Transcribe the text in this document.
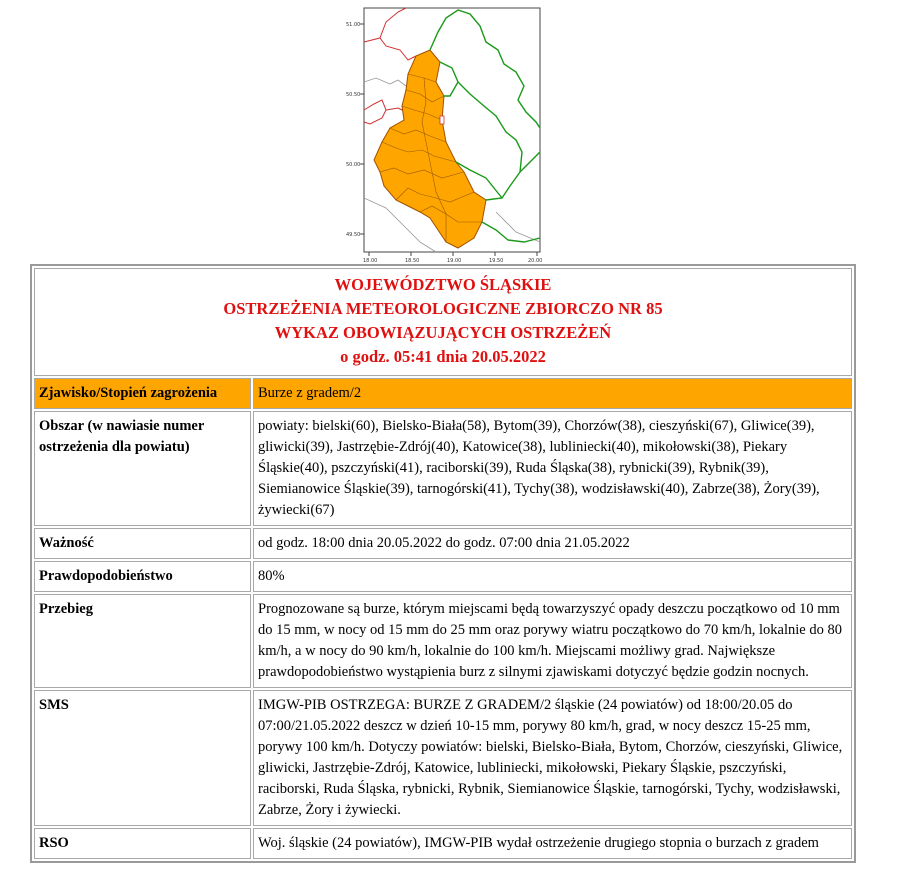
51.00
50.50
50.00
49.50
18.00	18.50	19.00	19.50	20.00
WOJEWÓDZTWO ŚLĄSKIE
OSTRZEŻENIA METEOROLOGICZNE ZBIORCZO NR 85
WYKAZ OBOWIĄZUJĄCYCH OSTRZEŻEŃ
o godz. 05:41 dnia 20.05.2022	

Zjawisko/Stopień zagrożenia	Burze z gradem/2
Obszar (w nawiasie numer ostrzeżenia dla powiatu)	powiaty: bielski(60), Bielsko-Biała(58), Bytom(39), Chorzów(38), cieszyński(67), Gliwice(39), gliwicki(39), Jastrzębie-Zdrój(40), Katowice(38), lubliniecki(40), mikołowski(38), Piekary Śląskie(40), pszczyński(41), raciborski(39), Ruda Śląska(38), rybnicki(39), Rybnik(39), Siemianowice Śląskie(39), tarnogórski(41), Tychy(38), wodzisławski(40), Zabrze(38), Żory(39), żywiecki(67)
Ważność	od godz. 18:00 dnia 20.05.2022 do godz. 07:00 dnia 21.05.2022
Prawdopodobieństwo	80%
Przebieg	Prognozowane są burze, którym miejscami będą towarzyszyć opady deszczu początkowo od 10 mm do 15 mm, w nocy od 15 mm do 25 mm oraz porywy wiatru początkowo do 70 km/h, lokalnie do 80 km/h, a w nocy do 90 km/h, lokalnie do 100 km/h. Miejscami możliwy grad. Największe prawdopodobieństwo wystąpienia burz z silnymi zjawiskami dotyczyć będzie godzin nocnych.
SMS	IMGW-PIB OSTRZEGA: BURZE Z GRADEM/2 śląskie (24 powiatów) od 18:00/20.05 do 07:00/21.05.2022 deszcz w dzień 10-15 mm, porywy 80 km/h, grad, w nocy deszcz 15-25 mm, porywy 100 km/h. Dotyczy powiatów: bielski, Bielsko-Biała, Bytom, Chorzów, cieszyński, Gliwice, gliwicki, Jastrzębie-Zdrój, Katowice, lubliniecki, mikołowski, Piekary Śląskie, pszczyński, raciborski, Ruda Śląska, rybnicki, Rybnik, Siemianowice Śląskie, tarnogórski, Tychy, wodzisławski, Zabrze, Żory i żywiecki.
RSO	Woj. śląskie (24 powiatów), IMGW-PIB wydał ostrzeżenie drugiego stopnia o burzach z gradem
